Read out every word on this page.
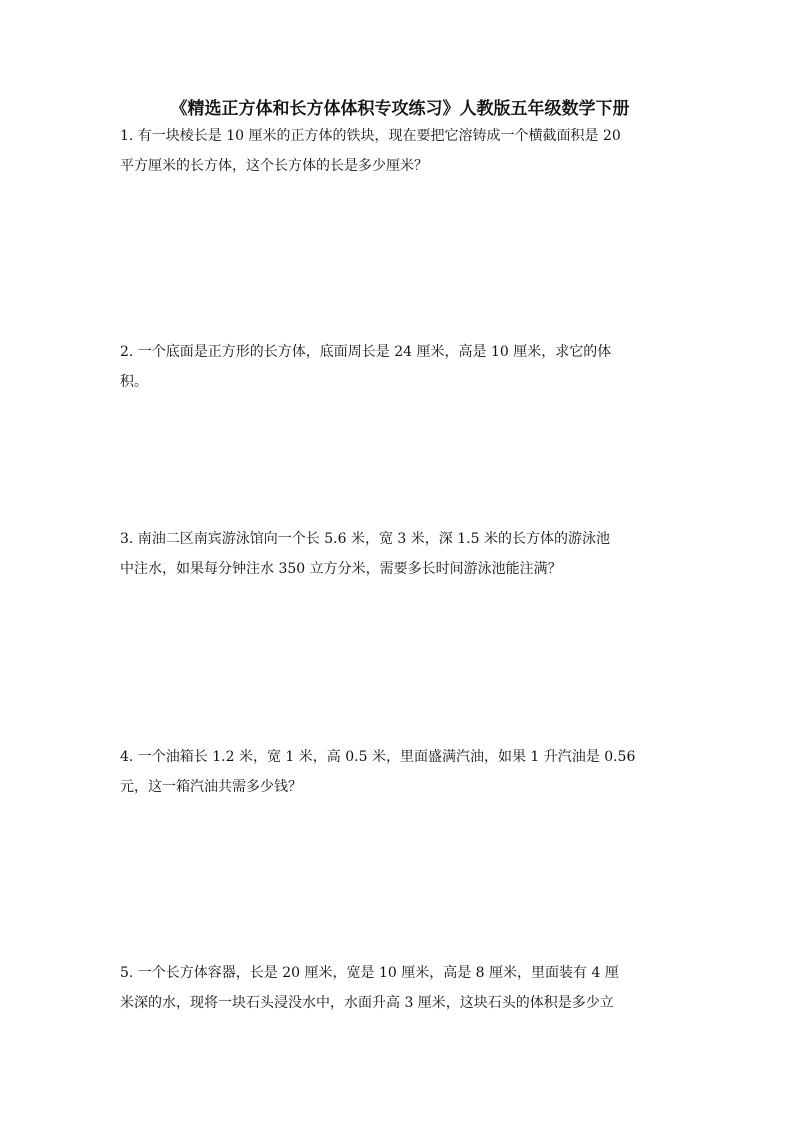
《精选正方体和长方体体积专攻练习》人教版五年级数学下册

1. 有一块棱长是 10 厘米的正方体的铁块，现在要把它溶铸成一个横截面积是 20

平方厘米的长方体，这个长方体的长是多少厘米？

2. 一个底面是正方形的长方体，底面周长是 24 厘米，高是 10 厘米，求它的体

积。

3. 南油二区南宾游泳馆向一个长 5.6 米，宽 3 米，深 1.5 米的长方体的游泳池

中注水，如果每分钟注水 350 立方分米，需要多长时间游泳池能注满？

4. 一个油箱长 1.2 米，宽 1 米，高 0.5 米，里面盛满汽油，如果 1 升汽油是 0.56

元，这一箱汽油共需多少钱？

5. 一个长方体容器，长是 20 厘米，宽是 10 厘米，高是 8 厘米，里面装有 4 厘

米深的水，现将一块石头浸没水中，水面升高 3 厘米，这块石头的体积是多少立
